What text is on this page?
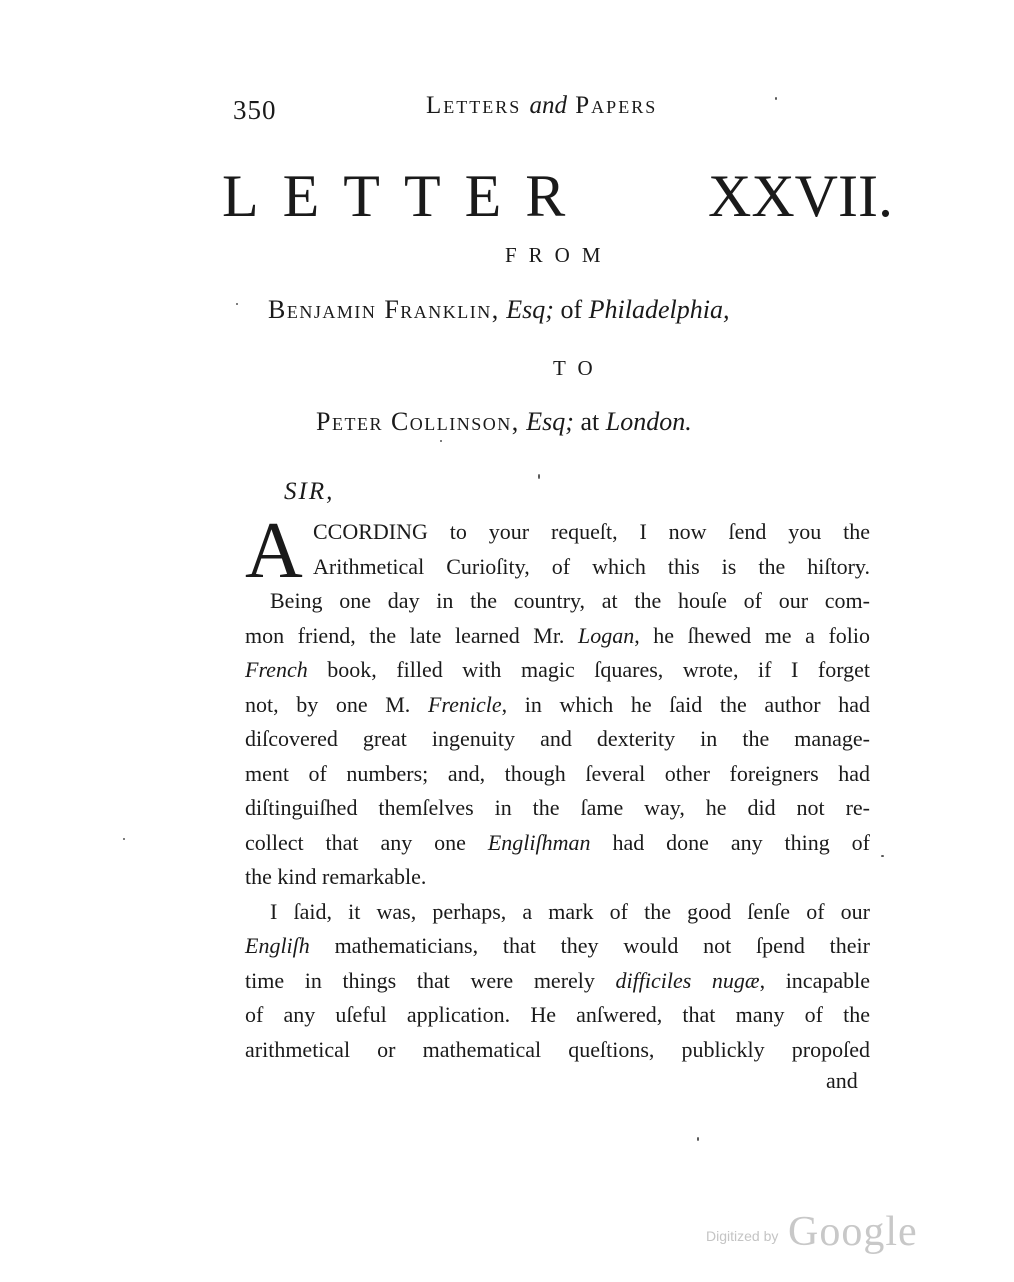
350	Letters and Papers
LETTER XXVII.
FROM
Benjamin Franklin, Esq; of Philadelphia,
TO
Peter Collinson, Esq; at London.
SIR,
A CCORDING to your requeſt, I now ſend you the
Arithmetical Curioſity, of which this is the hiſtory.
Being one day in the country, at the houſe of our com-
mon friend, the late learned Mr. Logan, he ſhewed me a folio
French book, filled with magic ſquares, wrote, if I forget
not, by one M. Frenicle, in which he ſaid the author had
diſcovered great ingenuity and dexterity in the manage-
ment of numbers; and, though ſeveral other foreigners had
diſtinguiſhed themſelves in the ſame way, he did not re-
collect that any one Engliſhman had done any thing of
the kind remarkable.
I ſaid, it was, perhaps, a mark of the good ſenſe of our
Engliſh mathematicians, that they would not ſpend their
time in things that were merely difficiles nugæ, incapable
of any uſeful application. He anſwered, that many of the
arithmetical or mathematical queſtions, publickly propoſed
and
Digitized by Google
